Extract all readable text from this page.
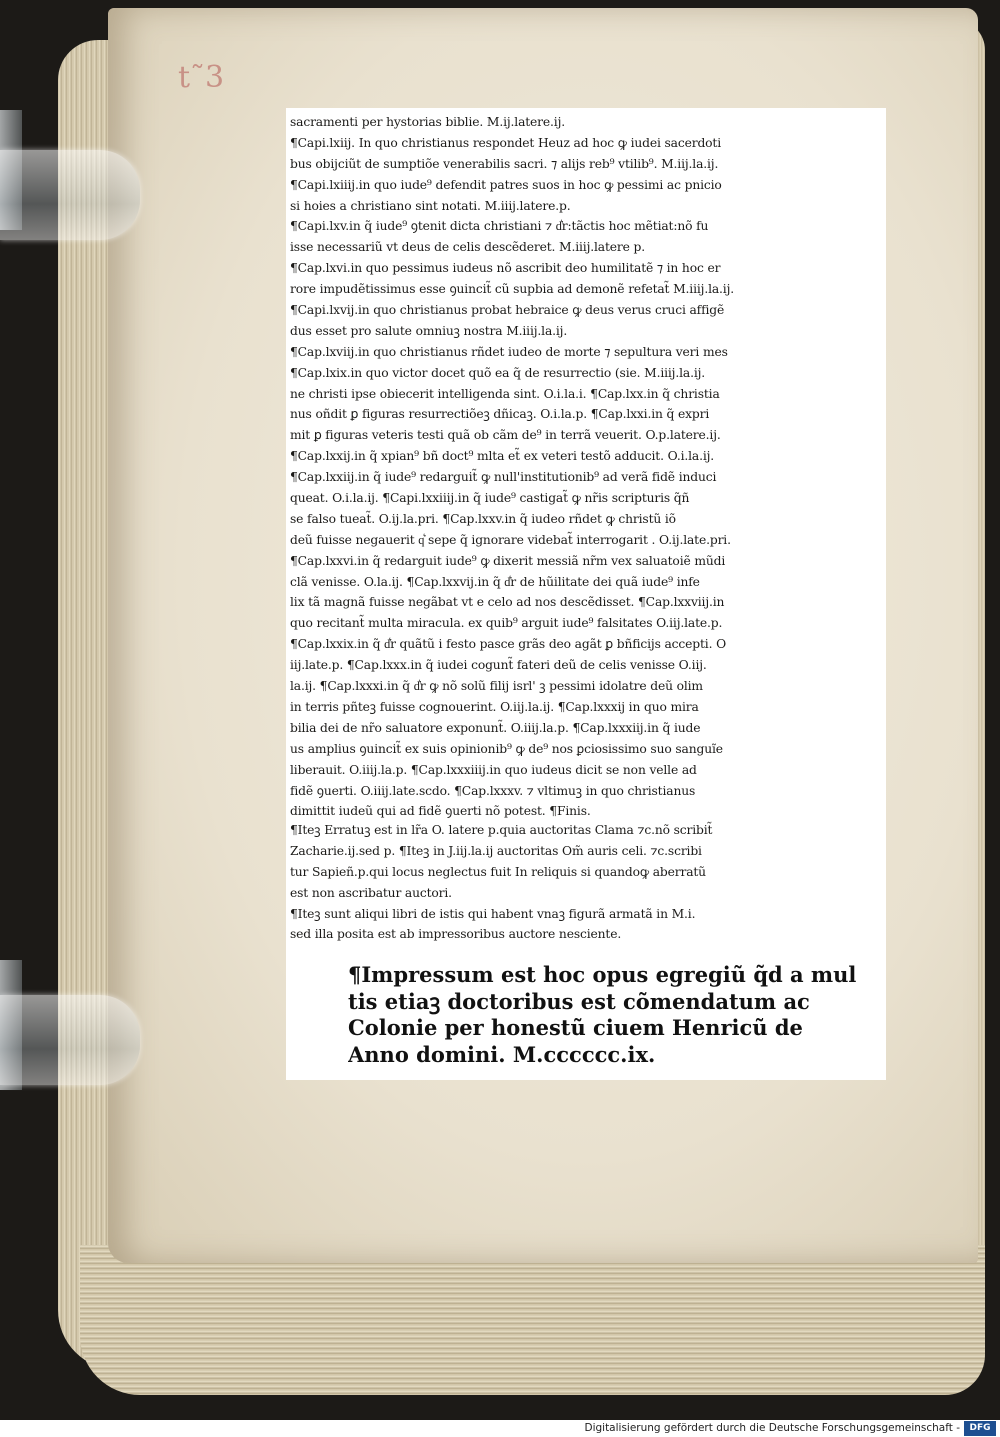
t˜3
sacramenti per hystorias biblie. M.ij.latere.ij.
¶Capi.lxiij. In quo christianus respondet Heuz ad hoc ꝙ iudei sacerdoti
bus obijciũt de sumptiõe venerabilis sacri. ⁊ alijs reb⁹ vtilib⁹. M.iij.la.ij.
¶Capi.lxiiij.in quo iude⁹ defendit patres suos in hoc ꝙ pessimi ac pnicio
si hoies a christiano sint notati. M.iiij.latere.p.
¶Capi.lxv.in q̃ iude⁹ ꝯtenit dicta christiani ⁊ d͛r:tãctis hoc mẽtiat:nõ fu
isse necessariũ vt deus de celis descẽderet. M.iiij.latere p.
¶Cap.lxvi.in quo pessimus iudeus nõ ascribit deo humilitatẽ ⁊ in hoc er
rore impudẽtissimus esse ꝯuincit̃ cũ supbia ad demonẽ refetat̃ M.iiij.la.ij.
¶Capi.lxvij.in quo christianus probat hebraice ꝙ deus verus cruci affigẽ
dus esset pro salute omniuꝫ nostra M.iiij.la.ij.
¶Cap.lxviij.in quo christianus rñdet iudeo de morte ⁊ sepultura veri mes
¶Cap.lxix.in quo victor docet quõ ea q̃ de resurrectio (sie. M.iiij.la.ij.
ne christi ipse obiecerit intelligenda sint. O.i.la.i. ¶Cap.lxx.in q̃ christia
nus oñdit ꝑ figuras resurrectiõeꝫ dñicaꝫ. O.i.la.p. ¶Cap.lxxi.in q̃ expri
mit ꝑ figuras veteris testi quã ob cãm de⁹ in terrã veuerit. O.p.latere.ij.
¶Cap.lxxij.in q̃ xpian⁹ bñ doct⁹ mlta et̃ ex veteri testõ adducit. O.i.la.ij.
¶Cap.lxxiij.in q̃ iude⁹ redarguit̃ ꝙ null'institutionib⁹ ad verã fidẽ induci
queat. O.i.la.ij. ¶Capi.lxxiiij.in q̃ iude⁹ castigat̃ ꝙ nr̃is scripturis q̃ñ
se falso tueat̃. O.ij.la.pri. ¶Cap.lxxv.in q̃ iudeo rñdet ꝙ christũ iõ
deũ fuisse negauerit q͛ sepe q̃ ignorare videbat̃ interrogarit . O.ij.late.pri.
¶Cap.lxxvi.in q̃ redarguit iude⁹ ꝙ dixerit messiã nr̃m vex saluatoiẽ mũdi
clã venisse. O.la.ij. ¶Cap.lxxvij.in q̃ d͛r de hũilitate dei quã iude⁹ infe
lix tã magnã fuisse negãbat vt e celo ad nos descẽdisset. ¶Cap.lxxviij.in
quo recitant̃ multa miracula. ex quib⁹ arguit iude⁹ falsitates O.iij.late.p.
¶Cap.lxxix.in q̃ d͛r quãtũ i festo pasce grãs deo agãt ꝑ bñficijs accepti. O
iij.late.p. ¶Cap.lxxx.in q̃ iudei cogunt̃ fateri deũ de celis venisse O.iij.
la.ij. ¶Cap.lxxxi.in q̃ d͛r ꝙ nõ solũ filij isrl' ꝫ pessimi idolatre deũ olim
in terris pñteꝫ fuisse cognouerint. O.iij.la.ij. ¶Cap.lxxxij in quo mira
bilia dei de nr̃o saluatore exponunt̃. O.iiij.la.p. ¶Cap.lxxxiij.in q̃ iude
us amplius ꝯuincit̃ ex suis opinionib⁹ ꝙ de⁹ nos ꝑciosissimo suo sanguĩe
liberauit. O.iiij.la.p. ¶Cap.lxxxiiij.in quo iudeus dicit se non velle ad
fidẽ ꝯuerti. O.iiij.late.scdo. ¶Cap.lxxxv. ⁊ vltimuꝫ in quo christianus
dimittit iudeũ qui ad fidẽ ꝯuerti nõ potest. ¶Finis.
¶Iteꝫ Erratuꝫ est in lr̃a O. latere p.quia auctoritas Clama ⁊c.nõ scribit̃
Zacharie.ij.sed p. ¶Iteꝫ in J.iij.la.ij auctoritas Om̃ auris celi. ⁊c.scribi
tur Sapieñ.p.qui locus neglectus fuit In reliquis si quandoꝙ aberratũ
est non ascribatur auctori.
¶Iteꝫ sunt aliqui libri de istis qui habent vnaꝫ figurã armatã in M.i.
sed illa posita est ab impressoribus auctore nesciente.
¶Impressum est hoc opus egregiũ q̃d a mul
tis etiaꝫ doctoribus est cõmendatum ac
Colonie per honestũ ciuem Henricũ de
Anno domini. M.cccccc.ix.
Digitalisierung gefördert durch die Deutsche Forschungsgemeinschaft -	DFG
